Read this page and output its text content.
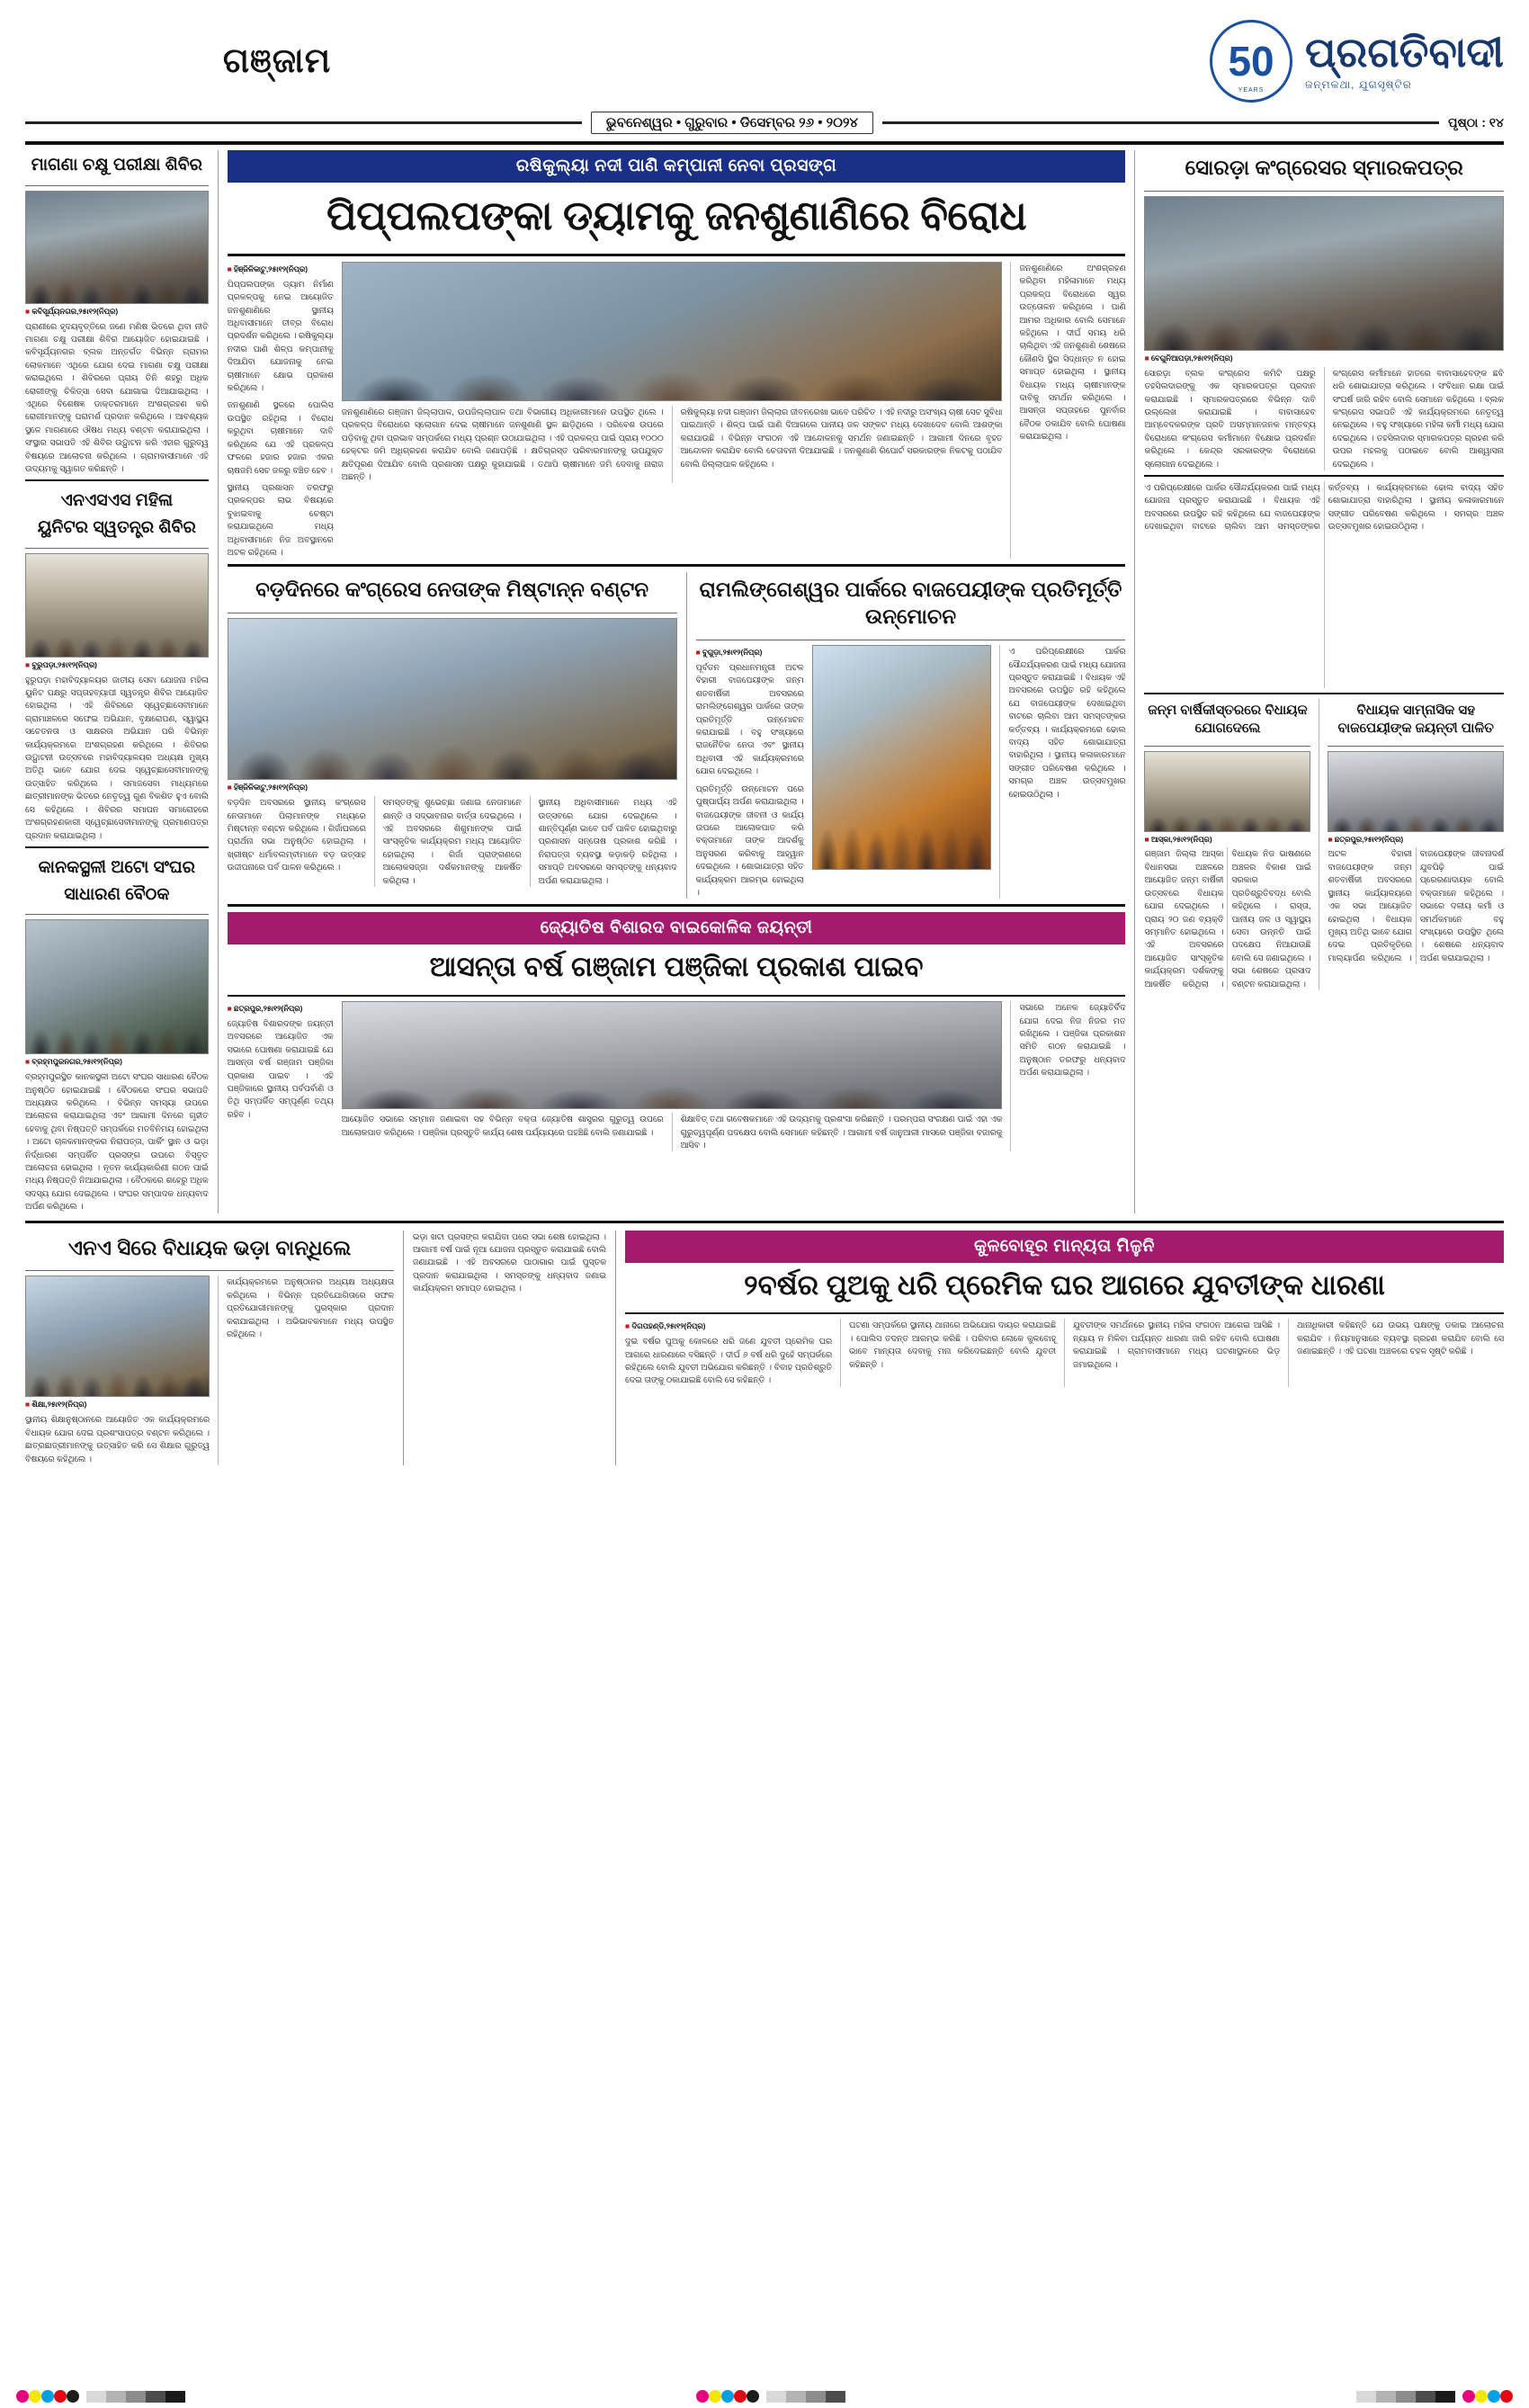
ଗଞ୍ଜାମ	50
YEARS
ପ୍ରଗତିବାଦୀ
ଜନ୍ମକଥା, ଯୁଗସୃଷ୍ଟିର
ଭୁବନେଶ୍ୱର • ଗୁରୁବାର • ଡିସେମ୍ବର ୨୬ • ୨୦୨୪	ପୃଷ୍ଠା : ୧୪
ମାଗଣା ଚକ୍ଷୁ ପରୀକ୍ଷା ଶିବିର
■ କବିସୂର୍ଯ୍ୟନଗର,୨୫ା୧୨(ନିପ୍ର)
ପ୍ରାଣୀରେ ହୃଦୟବୃତ୍ତିରେ ଜଣେ ମଣିଷ ଭିତରେ ଥିବା ନୀତି ମାଗଣା ଚକ୍ଷୁ ପରୀକ୍ଷା ଶିବିର ଆୟୋଜିତ ହୋଇଯାଇଛି । କବିସୂର୍ଯ୍ୟନଗର ବ୍ଲକ ଅନ୍ତର୍ଗତ ବିଭିନ୍ନ ଗ୍ରାମର ଲୋକମାନେ ଏଥିରେ ଯୋଗ ଦେଇ ମାଗଣା ଚକ୍ଷୁ ପରୀକ୍ଷା କରାଇଥିଲେ । ଶିବିରରେ ପ୍ରାୟ ତିନି ଶହରୁ ଅଧିକ ରୋଗୀଙ୍କୁ ଚିକିତ୍ସା ସେବା ଯୋଗାଇ ଦିଆଯାଇଥିଲା । ଏଥିରେ ବିଶେଷଜ୍ଞ ଡାକ୍ତରମାନେ ଅଂଶଗ୍ରହଣ କରି ରୋଗୀମାନଙ୍କୁ ପରାମର୍ଶ ପ୍ରଦାନ କରିଥିଲେ । ଆବଶ୍ୟକ ସ୍ଥଳେ ମାଗଣାରେ ଔଷଧ ମଧ୍ୟ ବଣ୍ଟନ କରାଯାଇଥିଲା । ସଂସ୍ଥାର ସଭାପତି ଏହି ଶିବିର ଉଦ୍ଘାଟନ କରି ଏହାର ଗୁରୁତ୍ୱ ବିଷୟରେ ଆଲୋଚନା କରିଥିଲେ । ଗ୍ରାମବାସୀମାନେ ଏହି ଉଦ୍ୟମକୁ ସ୍ୱାଗତ କରିଛନ୍ତି ।
ଏନଏସଏସ ମହିଳା
ୟୁନିଟର ସ୍ୱତନ୍ତ୍ର ଶିବିର
■ ବୁରୁପଡ଼ା,୨୫ା୧୨(ନିପ୍ର)
ହୁରୁପଡ଼ା ମହାବିଦ୍ୟାଳୟର ଜାତୀୟ ସେବା ଯୋଜନା ମହିଳା ୟୁନିଟ ପକ୍ଷରୁ ସପ୍ତାହବ୍ୟାପୀ ସ୍ୱତନ୍ତ୍ର ଶିବିର ଆୟୋଜିତ ହୋଇଥିଲା । ଏହି ଶିବିରରେ ସ୍ୱେଚ୍ଛାସେବୀମାନେ ଗ୍ରାମାଞ୍ଚଳରେ ସଫେଇ ଅଭିଯାନ, ବୃକ୍ଷରୋପଣ, ସ୍ୱାସ୍ଥ୍ୟ ସଚେତନତା ଓ ସାକ୍ଷରତା ଅଭିଯାନ ପରି ବିଭିନ୍ନ କାର୍ଯ୍ୟକ୍ରମରେ ଅଂଶଗ୍ରହଣ କରିଥିଲେ । ଶିବିରର ଉଦ୍ଘାଟନୀ ଉତ୍ସବରେ ମହାବିଦ୍ୟାଳୟର ଅଧ୍ୟକ୍ଷ ମୁଖ୍ୟ ଅତିଥି ଭାବେ ଯୋଗ ଦେଇ ସ୍ୱେଚ୍ଛାସେବୀମାନଙ୍କୁ ଉତ୍ସାହିତ କରିଥିଲେ । ସମାଜସେବା ମାଧ୍ୟମରେ ଛାତ୍ରୀମାନଙ୍କ ଭିତରେ ନେତୃତ୍ୱ ଗୁଣ ବିକଶିତ ହୁଏ ବୋଲି ସେ କହିଥିଲେ । ଶିବିରର ସମାପନ ସମାରୋହରେ ଅଂଶଗ୍ରହଣକାରୀ ସ୍ୱେଚ୍ଛାସେବୀମାନଙ୍କୁ ପ୍ରମାଣପତ୍ର ପ୍ରଦାନ କରାଯାଇଥିଲା ।
କାନକସ୍ଥଳୀ ଅଟୋ ସଂଘର
ସାଧାରଣ ବୈଠକ
■ ବ୍ରହ୍ମପୁରନଗର,୨୫ା୧୨(ନିପ୍ର)
ବ୍ରହ୍ମପୁରସ୍ଥିତ କାନକସ୍ଥଳୀ ଅଟୋ ସଂଘର ସାଧାରଣ ବୈଠକ ଅନୁଷ୍ଠିତ ହୋଇଯାଇଛି । ବୈଠକରେ ସଂଘର ସଭାପତି ଅଧ୍ୟକ୍ଷତା କରିଥିଲେ । ବିଭିନ୍ନ ସମସ୍ୟା ଉପରେ ଆଲୋଚନା କରାଯାଇଥିଲା ଏବଂ ଆଗାମୀ ଦିନରେ ଗୃହୀତ ହେବାକୁ ଥିବା ନିଷ୍ପତ୍ତି ସମ୍ପର୍କରେ ମତବିନିମୟ ହୋଇଥିଲା । ଅଟୋ ଚାଳକମାନଙ୍କର ନିରାପତ୍ତା, ପାର୍କିଂ ସ୍ଥାନ ଓ ଭଡ଼ା ନିର୍ଦ୍ଧାରଣ ସମ୍ପର୍କିତ ପ୍ରସଙ୍ଗ ଉପରେ ବିସ୍ତୃତ ଆଲୋଚନା ହୋଇଥିଲା । ନୂତନ କାର୍ଯ୍ୟକାରିଣୀ ଗଠନ ପାଇଁ ମଧ୍ୟ ନିଷ୍ପତ୍ତି ନିଆଯାଇଥିଲା । ବୈଠକରେ ଶହେରୁ ଅଧିକ ସଦସ୍ୟ ଯୋଗ ଦେଇଥିଲେ । ସଂଘର ସମ୍ପାଦକ ଧନ୍ୟବାଦ ଅର୍ପଣ କରିଥିଲେ ।
ରଷିକୁଲ୍ୟା ନଦୀ ପାଣି କମ୍ପାନୀ ନେବା ପ୍ରସଙ୍ଗ
ପିପ୍ପଲପଙ୍କା ଡ୍ୟାମକୁ ଜନଶୁଣାଣିରେ ବିରୋଧ
■ ହିଞ୍ଜିଳିକାଟୁ,୨୫ା୧୨(ନିପ୍ର)
ପିପ୍ପଲପଙ୍କା ଡ୍ୟାମ ନିର୍ମାଣ ପ୍ରକଳ୍ପକୁ ନେଇ ଆୟୋଜିତ ଜନଶୁଣାଣିରେ ସ୍ଥାନୀୟ ଅଧିବାସୀମାନେ ତୀବ୍ର ବିରୋଧ ପ୍ରଦର୍ଶନ କରିଥିଲେ । ରଷିକୁଲ୍ୟା ନଦୀର ପାଣି ଶିଳ୍ପ କମ୍ପାନୀକୁ ଦିଆଯିବା ଯୋଜନାକୁ ନେଇ ଚାଷୀମାନେ କ୍ଷୋଭ ପ୍ରକାଶ କରିଥିଲେ ।
ଜନଶୁଣାଣି ସ୍ଥଳରେ ପୋଲିସ ଉପସ୍ଥିତ ରହିଥିଲା । ବିରୋଧ କରୁଥିବା ଚାଷୀମାନେ ଦାବି କରିଥିଲେ ଯେ ଏହି ପ୍ରକଳ୍ପ ଫଳରେ ହଜାର ହଜାର ଏକର ଚାଷଜମି ସେଚ ଜଳରୁ ବଞ୍ଚିତ ହେବ ।
ସ୍ଥାନୀୟ ପ୍ରଶାସନ ତରଫରୁ ପ୍ରକଳ୍ପର ଲାଭ ବିଷୟରେ ବୁଝାଇବାକୁ ଚେଷ୍ଟା କରାଯାଇଥିଲେ ମଧ୍ୟ ଅଧିବାସୀମାନେ ନିଜ ଅବସ୍ଥାନରେ ଅଟଳ ରହିଥିଲେ ।
ଜନଶୁଣାଣିରେ ଗଞ୍ଜାମ ଜିଲ୍ଲାପାଳ, ଉପଜିଲ୍ଲାପାଳ ତଥା ବିଭାଗୀୟ ଅଧିକାରୀମାନେ ଉପସ୍ଥିତ ଥିଲେ । ପ୍ରକଳ୍ପ ବିରୋଧରେ ସ୍ଲୋଗାନ ଦେଇ ଚାଷୀମାନେ ଜନଶୁଣାଣି ସ୍ଥଳ ଛାଡ଼ିଥିଲେ । ପରିବେଶ ଉପରେ ପଡ଼ିବାକୁ ଥିବା ପ୍ରଭାବ ସମ୍ପର୍କରେ ମଧ୍ୟ ପ୍ରଶ୍ନ ଉଠାଯାଇଥିଲା । ଏହି ପ୍ରକଳ୍ପ ପାଇଁ ପ୍ରାୟ ୧୦୦୦ ହେକ୍ଟର ଜମି ଅଧିଗ୍ରହଣ କରାଯିବ ବୋଲି ଜଣାପଡ଼ିଛି । କ୍ଷତିଗ୍ରସ୍ତ ପରିବାରମାନଙ୍କୁ ଉପଯୁକ୍ତ କ୍ଷତିପୂରଣ ଦିଆଯିବ ବୋଲି ପ୍ରଶାସନ ପକ୍ଷରୁ କୁହାଯାଇଛି । ତଥାପି ଚାଷୀମାନେ ଜମି ଦେବାକୁ ନାରାଜ ଅଛନ୍ତି ।
ରଷିକୁଲ୍ୟା ନଦୀ ଗଞ୍ଜାମ ଜିଲ୍ଲାର ଜୀବନରେଖା ଭାବେ ପରିଚିତ । ଏହି ନଦୀରୁ ଅସଂଖ୍ୟ ଚାଷୀ ସେଚ ସୁବିଧା ପାଇଥାନ୍ତି । ଶିଳ୍ପ ପାଇଁ ପାଣି ଦିଆଗଲେ ପାନୀୟ ଜଳ ସଙ୍କଟ ମଧ୍ୟ ଦେଖାଦେବ ବୋଲି ଆଶଙ୍କା କରାଯାଉଛି । ବିଭିନ୍ନ ସଂଗଠନ ଏହି ଆନ୍ଦୋଳନକୁ ସମର୍ଥନ ଜଣାଇଛନ୍ତି । ଆଗାମୀ ଦିନରେ ବୃହତ ଆନ୍ଦୋଳନ କରାଯିବ ବୋଲି ଚେତାବନୀ ଦିଆଯାଇଛି । ଜନଶୁଣାଣି ରିପୋର୍ଟ ସରକାରଙ୍କ ନିକଟକୁ ପଠାଯିବ ବୋଲି ଜିଲ୍ଲାପାଳ କହିଥିଲେ ।
ଜନଶୁଣାଣିରେ ଅଂଶଗ୍ରହଣ କରିଥିବା ମହିଳାମାନେ ମଧ୍ୟ ପ୍ରକଳ୍ପ ବିରୋଧରେ ସ୍ୱର ଉତ୍ତୋଳନ କରିଥିଲେ । ପାଣି ଆମର ଅଧିକାର ବୋଲି ସେମାନେ କହିଥିଲେ । ଦୀର୍ଘ ସମୟ ଧରି ଚାଲିଥିବା ଏହି ଜନଶୁଣାଣି ଶେଷରେ କୌଣସି ସ୍ଥିର ସିଦ୍ଧାନ୍ତ ନ ହୋଇ ସମାପ୍ତ ହୋଇଥିଲା । ସ୍ଥାନୀୟ ବିଧାୟକ ମଧ୍ୟ ଚାଷୀମାନଙ୍କ ଦାବିକୁ ସମର୍ଥନ କରିଥିଲେ । ଆସନ୍ତା ସପ୍ତାହରେ ପୁନର୍ବାର ବୈଠକ ଡକାଯିବ ବୋଲି ଘୋଷଣା କରାଯାଇଥିଲା ।
ବଡ଼ଦିନରେ କଂଗ୍ରେସ ନେତାଙ୍କ ମିଷ୍ଟାନ୍ନ ବଣ୍ଟନ
■ ହିଞ୍ଜିଳିକାଟୁ,୨୫ା୧୨(ନିପ୍ର)
ବଡ଼ଦିନ ଅବସରରେ ସ୍ଥାନୀୟ କଂଗ୍ରେସ ନେତାମାନେ ପିଲାମାନଙ୍କ ମଧ୍ୟରେ ମିଷ୍ଟାନ୍ନ ବଣ୍ଟନ କରିଥିଲେ । ଗିର୍ଜାଘରରେ ପ୍ରାର୍ଥନା ସଭା ଅନୁଷ୍ଠିତ ହୋଇଥିଲା । ଖ୍ରୀଷ୍ଟ ଧର୍ମାବଲମ୍ବୀମାନେ ବଡ଼ ଉତ୍ସାହ ଉଦ୍ଦୀପନାରେ ପର୍ବ ପାଳନ କରିଥିଲେ ।
ସମସ୍ତଙ୍କୁ ଶୁଭେଚ୍ଛା ଜଣାଇ ନେତାମାନେ ଶାନ୍ତି ଓ ସଦ୍ଭାବନାର ବାର୍ତ୍ତା ଦେଇଥିଲେ । ଏହି ଅବସରରେ ଶିଶୁମାନଙ୍କ ପାଇଁ ସାଂସ୍କୃତିକ କାର୍ଯ୍ୟକ୍ରମ ମଧ୍ୟ ଆୟୋଜିତ ହୋଇଥିଲା । ଗିର୍ଜା ପ୍ରାଙ୍ଗଣରେ ଆଲୋକସଜ୍ଜା ଦର୍ଶକମାନଙ୍କୁ ଆକର୍ଷିତ କରିଥିଲା ।
ସ୍ଥାନୀୟ ଅଧିବାସୀମାନେ ମଧ୍ୟ ଏହି ଉତ୍ସବରେ ଯୋଗ ଦେଇଥିଲେ । ଶାନ୍ତିପୂର୍ଣ୍ଣ ଭାବେ ପର୍ବ ପାଳିତ ହୋଇଥିବାରୁ ପ୍ରଶାସନ ସନ୍ତୋଷ ପ୍ରକାଶ କରିଛି । ନିରାପତ୍ତା ବ୍ୟବସ୍ଥା କଡ଼ାକଡ଼ି ରହିଥିଲା । ସମାପ୍ତି ଅବସରରେ ସମସ୍ତଙ୍କୁ ଧନ୍ୟବାଦ ଅର୍ପଣ କରାଯାଇଥିଲା ।
ରାମଲିଙ୍ଗେଶ୍ୱର ପାର୍କରେ ବାଜପେୟୀଙ୍କ ପ୍ରତିମୂର୍ତ୍ତି ଉନ୍ମୋଚନ
■ ବୁଗୁଡ଼ା,୨୫ା୧୨(ନିପ୍ର)
ପୂର୍ବତନ ପ୍ରଧାନମନ୍ତ୍ରୀ ଅଟଳ ବିହାରୀ ବାଜପେୟୀଙ୍କ ଜନ୍ମ ଶତବାର୍ଷିକୀ ଅବସରରେ ରାମଲିଙ୍ଗେଶ୍ୱର ପାର୍କରେ ତାଙ୍କ ପ୍ରତିମୂର୍ତ୍ତି ଉନ୍ମୋଚନ କରାଯାଇଛି । ବହୁ ସଂଖ୍ୟାରେ ରାଜନୈତିକ ନେତା ଏବଂ ସ୍ଥାନୀୟ ଅଧିବାସୀ ଏହି କାର୍ଯ୍ୟକ୍ରମରେ ଯୋଗ ଦେଇଥିଲେ ।
ପ୍ରତିମୂର୍ତ୍ତି ଉନ୍ମୋଚନ ପରେ ପୁଷ୍ପାର୍ଘ୍ୟ ଅର୍ପଣ କରାଯାଇଥିଲା । ବାଜପେୟୀଙ୍କ ଜୀବନୀ ଓ କାର୍ଯ୍ୟ ଉପରେ ଆଲୋକପାତ କରି ବକ୍ତାମାନେ ତାଙ୍କ ଆଦର୍ଶକୁ ଅନୁସରଣ କରିବାକୁ ଆହ୍ୱାନ ଦେଇଥିଲେ । ଶୋଭାଯାତ୍ରା ସହିତ କାର୍ଯ୍ୟକ୍ରମ ଆରମ୍ଭ ହୋଇଥିଲା ।
ଏ ପରିପ୍ରେକ୍ଷୀରେ ପାର୍କର ସୌନ୍ଦର୍ଯ୍ୟକରଣ ପାଇଁ ମଧ୍ୟ ଯୋଜନା ପ୍ରସ୍ତୁତ କରାଯାଇଛି । ବିଧାୟକ ଏହି ଅବସରରେ ଉପସ୍ଥିତ ରହି କହିଥିଲେ ଯେ ବାଜପେୟୀଙ୍କ ଦେଖାଇଥିବା ବାଟରେ ଚାଲିବା ଆମ ସମସ୍ତଙ୍କର କର୍ତ୍ତବ୍ୟ । କାର୍ଯ୍ୟକ୍ରମରେ ଢୋଲ ବାଦ୍ୟ ସହିତ ଶୋଭାଯାତ୍ରା ବାହାରିଥିଲା । ସ୍ଥାନୀୟ କଳାକାରମାନେ ସଙ୍ଗୀତ ପରିବେଷଣ କରିଥିଲେ । ସମଗ୍ର ଅଞ୍ଚଳ ଉତ୍ସବମୁଖର ହୋଇଉଠିଥିଲା ।
ଜ୍ୟୋତିଷ ବିଶାରଦ ବାଇକୋଳିକ ଜୟନ୍ତୀ
ଆସନ୍ତା ବର୍ଷ ଗଞ୍ଜାମ ପଞ୍ଜିକା ପ୍ରକାଶ ପାଇବ
■ ଛତ୍ରପୁର,୨୫ା୧୨(ନିପ୍ର)
ଜ୍ୟୋତିଷ ବିଶାରଦଙ୍କ ଜୟନ୍ତୀ ଅବସରରେ ଆୟୋଜିତ ଏକ ସଭାରେ ଘୋଷଣା କରାଯାଇଛି ଯେ ଆସନ୍ତା ବର୍ଷ ଗଞ୍ଜାମ ପଞ୍ଜିକା ପ୍ରକାଶ ପାଇବ । ଏହି ପଞ୍ଜିକାରେ ସ୍ଥାନୀୟ ପର୍ବପର୍ବାଣି ଓ ତିଥି ସମ୍ପର୍କିତ ସମ୍ପୂର୍ଣ୍ଣ ତଥ୍ୟ ରହିବ ।
ଆୟୋଜିତ ସଭାରେ ସମ୍ମାନ ଜଣାଇବା ସହ ବିଭିନ୍ନ ବକ୍ତା ଜ୍ୟୋତିଷ ଶାସ୍ତ୍ରର ଗୁରୁତ୍ୱ ଉପରେ ଆଲୋକପାତ କରିଥିଲେ । ପଞ୍ଜିକା ପ୍ରସ୍ତୁତି କାର୍ଯ୍ୟ ଶେଷ ପର୍ଯ୍ୟାୟରେ ପହଞ୍ଚିଛି ବୋଲି ଜଣାଯାଇଛି ।
ଶିକ୍ଷାବିତ୍ ତଥା ଗବେଷକମାନେ ଏହି ଉଦ୍ୟମକୁ ପ୍ରଶଂସା କରିଛନ୍ତି । ପରମ୍ପରା ସଂରକ୍ଷଣ ପାଇଁ ଏହା ଏକ ଗୁରୁତ୍ୱପୂର୍ଣ୍ଣ ପଦକ୍ଷେପ ବୋଲି ସେମାନେ କହିଛନ୍ତି । ଆଗାମୀ ବର୍ଷ ଜାନୁଆରୀ ମାସରେ ପଞ୍ଜିକା ବଜାରକୁ ଆସିବ ।
ସଭାରେ ଅନେକ ଜ୍ୟୋତିର୍ବିଦ ଯୋଗ ଦେଇ ନିଜ ନିଜର ମତ ରଖିଥିଲେ । ପଞ୍ଜିକା ପ୍ରକାଶନ ସମିତି ଗଠନ କରାଯାଇଛି । ଅନୁଷ୍ଠାନ ତରଫରୁ ଧନ୍ୟବାଦ ଅର୍ପଣ କରାଯାଇଥିଲା ।
ସୋରଡ଼ା କଂଗ୍ରେସର ସ୍ମାରକପତ୍ର
■ ବେଗୁନିଆପଡ଼ା,୨୫ା୧୨(ନିପ୍ର)
ସୋରଡ଼ା ବ୍ଲକ କଂଗ୍ରେସ କମିଟି ପକ୍ଷରୁ ତହସିଲଦାରଙ୍କୁ ଏକ ସ୍ମାରକପତ୍ର ପ୍ରଦାନ କରାଯାଇଛି । ସ୍ମାରକପତ୍ରରେ ବିଭିନ୍ନ ଦାବି ଉଲ୍ଲେଖ କରାଯାଇଛି । ବାବାସାହେବ ଆମ୍ବେଦକରଙ୍କ ପ୍ରତି ଅସମ୍ମାନଜନକ ମନ୍ତବ୍ୟ ବିରୋଧରେ କଂଗ୍ରେସ କର୍ମୀମାନେ ବିକ୍ଷୋଭ ପ୍ରଦର୍ଶନ କରିଥିଲେ । କେନ୍ଦ୍ର ସରକାରଙ୍କ ବିରୋଧରେ ସ୍ଲୋଗାନ ଦେଇଥିଲେ ।
କଂଗ୍ରେସ କର୍ମୀମାନେ ହାତରେ ବାବାସାହେବଙ୍କ ଛବି ଧରି ଶୋଭାଯାତ୍ରା କରିଥିଲେ । ସଂବିଧାନ ରକ୍ଷା ପାଇଁ ସଂଘର୍ଷ ଜାରି ରହିବ ବୋଲି ସେମାନେ କହିଥିଲେ । ବ୍ଲକ କଂଗ୍ରେସ ସଭାପତି ଏହି କାର୍ଯ୍ୟକ୍ରମରେ ନେତୃତ୍ୱ ନେଇଥିଲେ । ବହୁ ସଂଖ୍ୟାରେ ମହିଳା କର୍ମୀ ମଧ୍ୟ ଯୋଗ ଦେଇଥିଲେ । ତହସିଲଦାର ସ୍ମାରକପତ୍ର ଗ୍ରହଣ କରି ଉପର ମହଲକୁ ପଠାଇବେ ବୋଲି ଆଶ୍ୱାସନା ଦେଇଥିଲେ ।
ଏ ପରିପ୍ରେକ୍ଷୀରେ ପାର୍କର ସୌନ୍ଦର୍ଯ୍ୟକରଣ ପାଇଁ ମଧ୍ୟ ଯୋଜନା ପ୍ରସ୍ତୁତ କରାଯାଇଛି । ବିଧାୟକ ଏହି ଅବସରରେ ଉପସ୍ଥିତ ରହି କହିଥିଲେ ଯେ ବାଜପେୟୀଙ୍କ ଦେଖାଇଥିବା ବାଟରେ ଚାଲିବା ଆମ ସମସ୍ତଙ୍କର କର୍ତ୍ତବ୍ୟ । କାର୍ଯ୍ୟକ୍ରମରେ ଢୋଲ ବାଦ୍ୟ ସହିତ ଶୋଭାଯାତ୍ରା ବାହାରିଥିଲା । ସ୍ଥାନୀୟ କଳାକାରମାନେ ସଙ୍ଗୀତ ପରିବେଷଣ କରିଥିଲେ । ସମଗ୍ର ଅଞ୍ଚଳ ଉତ୍ସବମୁଖର ହୋଇଉଠିଥିଲା ।
ଜନ୍ମ ବାର୍ଷିକୀସ୍ତରରେ ବିଧାୟକ ଯୋଗଦେଲେ
■ ଆସ୍କା,୨୫ା୧୨(ନିପ୍ର)
ଗଞ୍ଜାମ ଜିଲ୍ଲା ଆସ୍କା ବିଧାନସଭା ଅଞ୍ଚଳରେ ଆୟୋଜିତ ଜନ୍ମ ବାର୍ଷିକୀ ଉତ୍ସବରେ ବିଧାୟକ ଯୋଗ ଦେଇଥିଲେ । ପ୍ରାୟ ୨୦ ଜଣ ବ୍ୟକ୍ତି ସମ୍ମାନିତ ହୋଇଥିଲେ । ଏହି ଅବସରରେ ଆୟୋଜିତ ସାଂସ୍କୃତିକ କାର୍ଯ୍ୟକ୍ରମ ଦର୍ଶକଙ୍କୁ ଆକର୍ଷିତ କରିଥିଲା । ବିଧାୟକ ନିଜ ଭାଷଣରେ ଅଞ୍ଚଳର ବିକାଶ ପାଇଁ ସରକାର ପ୍ରତିଶ୍ରୁତିବଦ୍ଧ ବୋଲି କହିଥିଲେ । ରାସ୍ତା, ପାନୀୟ ଜଳ ଓ ସ୍ୱାସ୍ଥ୍ୟ ସେବା ଉନ୍ନତି ପାଇଁ ପଦକ୍ଷେପ ନିଆଯାଉଛି ବୋଲି ସେ ଜଣାଇଥିଲେ । ସଭା ଶେଷରେ ପ୍ରସାଦ ବଣ୍ଟନ କରାଯାଇଥିଲା ।
ବିଧାୟକ ସାମ୍ନାସିକ ସହ ବାଜପେୟୀଙ୍କ ଜୟନ୍ତୀ ପାଳିତ
■ ଛତ୍ରପୁର,୨୫ା୧୨(ନିପ୍ର)
ଅଟଳ ବିହାରୀ ବାଜପେୟୀଙ୍କ ଜନ୍ମ ଶତବାର୍ଷିକୀ ଅବସରରେ ସ୍ଥାନୀୟ କାର୍ଯ୍ୟାଳୟରେ ଏକ ସଭା ଆୟୋଜିତ ହୋଇଥିଲା । ବିଧାୟକ ମୁଖ୍ୟ ଅତିଥି ଭାବେ ଯୋଗ ଦେଇ ପ୍ରତିକୃତିରେ ମାଲ୍ୟାର୍ପଣ କରିଥିଲେ । ବାଜପେୟୀଙ୍କ ଜୀବନାଦର୍ଶ ଯୁବପିଢ଼ି ପାଇଁ ପ୍ରେରଣାଦାୟକ ବୋଲି ବକ୍ତାମାନେ କହିଥିଲେ । ସଭାରେ ଦଳୀୟ କର୍ମୀ ଓ ସମର୍ଥକମାନେ ବହୁ ସଂଖ୍ୟାରେ ଉପସ୍ଥିତ ଥିଲେ । ଶେଷରେ ଧନ୍ୟବାଦ ଅର୍ପଣ କରାଯାଇଥିଲା ।
ଏନଏ ସିରେ ବିଧାୟକ ଭଡ଼ା ବାନ୍ଧିଲେ
■ ଶିକ୍ଷା,୨୫ା୧୨(ନିପ୍ର)
ସ୍ଥାନୀୟ ଶିକ୍ଷାନୁଷ୍ଠାନରେ ଆୟୋଜିତ ଏକ କାର୍ଯ୍ୟକ୍ରମରେ ବିଧାୟକ ଯୋଗ ଦେଇ ପ୍ରଶଂସାପତ୍ର ବଣ୍ଟନ କରିଥିଲେ । ଛାତ୍ରଛାତ୍ରୀମାନଙ୍କୁ ଉତ୍ସାହିତ କରି ସେ ଶିକ୍ଷାର ଗୁରୁତ୍ୱ ବିଷୟରେ କହିଥିଲେ ।
କାର୍ଯ୍ୟକ୍ରମରେ ଅନୁଷ୍ଠାନର ଅଧ୍ୟକ୍ଷ ଅଧ୍ୟକ୍ଷତା କରିଥିଲେ । ବିଭିନ୍ନ ପ୍ରତିଯୋଗିତାରେ ସଫଳ ପ୍ରତିଯୋଗୀମାନଙ୍କୁ ପୁରସ୍କାର ପ୍ରଦାନ କରାଯାଇଥିଲା । ଅଭିଭାବକମାନେ ମଧ୍ୟ ଉପସ୍ଥିତ ରହିଥିଲେ ।
ଭଡ଼ା ଖଟା ପ୍ରସଙ୍ଗ କରାଯିବା ପରେ ସଭା ଶେଷ ହୋଇଥିଲା । ଆଗାମୀ ବର୍ଷ ପାଇଁ ନୂଆ ଯୋଜନା ପ୍ରସ୍ତୁତ କରାଯାଇଛି ବୋଲି ଜଣାଯାଇଛି । ଏହି ଅବସରରେ ପାଠାଗାର ପାଇଁ ପୁସ୍ତକ ପ୍ରଦାନ କରାଯାଇଥିଲା । ସମସ୍ତଙ୍କୁ ଧନ୍ୟବାଦ ଜଣାଇ କାର୍ଯ୍ୟକ୍ରମ ସମାପ୍ତ ହୋଇଥିଲା ।
କୁଳବୋହୂର ମାନ୍ୟତା ମିଳୁନି
୨ବର୍ଷର ପୁଅକୁ ଧରି ପ୍ରେମିକ ଘର ଆଗରେ ଯୁବତୀଙ୍କ ଧାରଣା
■ ଦିଗପହଣ୍ଡି,୨୫ା୧୨(ନିପ୍ର)
ଦୁଇ ବର୍ଷର ପୁଅକୁ କୋଳରେ ଧରି ଜଣେ ଯୁବତୀ ପ୍ରେମିକ ଘର ଆଗରେ ଧାରଣାରେ ବସିଛନ୍ତି । ଦୀର୍ଘ ୬ ବର୍ଷ ଧରି ଦୁହେଁ ସମ୍ପର୍କରେ ରହିଥିଲେ ବୋଲି ଯୁବତୀ ଅଭିଯୋଗ କରିଛନ୍ତି । ବିବାହ ପ୍ରତିଶ୍ରୁତି ଦେଇ ତାଙ୍କୁ ଠକାଯାଇଛି ବୋଲି ସେ କହିଛନ୍ତି ।
ଘଟଣା ସମ୍ପର୍କରେ ସ୍ଥାନୀୟ ଥାନାରେ ଅଭିଯୋଗ ଦାୟର କରାଯାଇଛି । ପୋଲିସ ତଦନ୍ତ ଆରମ୍ଭ କରିଛି । ପରିବାର ଲୋକେ କୁଳବୋହୂ ଭାବେ ମାନ୍ୟତା ଦେବାକୁ ମନା କରିଦେଇଛନ୍ତି ବୋଲି ଯୁବତୀ କହିଛନ୍ତି ।
ଯୁବତୀଙ୍କ ସମର୍ଥନରେ ସ୍ଥାନୀୟ ମହିଳା ସଂଗଠନ ଆଗେଇ ଆସିଛି । ନ୍ୟାୟ ନ ମିଳିବା ପର୍ଯ୍ୟନ୍ତ ଧାରଣା ଜାରି ରହିବ ବୋଲି ଘୋଷଣା କରାଯାଇଛି । ଗ୍ରାମବାସୀମାନେ ମଧ୍ୟ ଘଟଣାସ୍ଥଳରେ ଭିଡ଼ ଜମାଇଥିଲେ ।
ଥାନାଧିକାରୀ କହିଛନ୍ତି ଯେ ଉଭୟ ପକ୍ଷଙ୍କୁ ଡକାଇ ଆଲୋଚନା କରାଯିବ । ନିୟମାନୁସାରେ ବ୍ୟବସ୍ଥା ଗ୍ରହଣ କରାଯିବ ବୋଲି ସେ ଜଣାଇଛନ୍ତି । ଏହି ଘଟଣା ଅଞ୍ଚଳରେ ଚହଳ ସୃଷ୍ଟି କରିଛି ।
